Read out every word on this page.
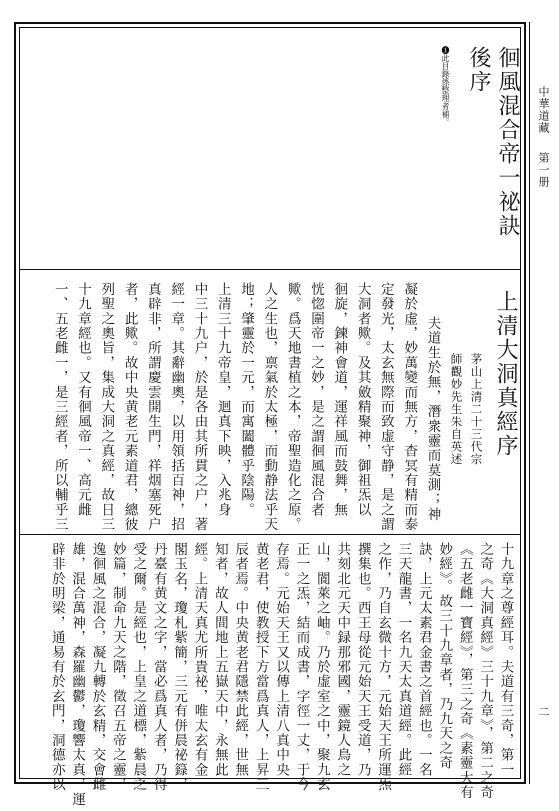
徊風混合帝一祕訣
後序
❶此目錄係整理者補。
上清大洞真經序
茅山上清二十三代宗
師觀妙先生朱自英述
夫道生於無，潛衆靈而莫測；神
凝於虚，妙萬變而無方，杳冥有精而泰
定發光，太玄無際而致虚守静，是之謂
大洞者歟。及其斂精聚神，御祖炁以
徊旋，鍊神會道，運祥風而鼓舞，無
恍惚圍帝一之妙，是之謂徊風混合者
歟。爲天地書植之本，帝聖造化之原。
人之生也，禀氣於太極，而動静法乎天
地；肇靈於一元，而寓闔體乎陰陽。
上清三十九帝皇，迴真下映，入兆身
中三十九户，於是各由其所貫之户，著
經一章。其辭幽奧，以用領括百神，招
真辟非，所謂慶雲開生門，祥烟塞死户
者，此歟。故中央黄老元素道君，總彼
列聖之奧旨，集成大洞之真經，故日三
十九章經也。又有徊風帝一、高元雌
一、五老雌一，是三經者，所以輔乎三
十九章之尊經耳。夫道有三奇，第一
之奇《大洞真經》三十九章》，第二之奇
《五老雌一寶經》，第三之奇《素靈大有
妙經》。故三十九章者，乃九天之奇
訣，上元太素君金書之首經也。一名
三天龍書，一名九天太真道經。此經
之作，乃自玄微十方，元始天王所運炁
撰集也。西王母從元始天王受道，乃
共刻北元天中録那邪國，靈鏡人鳥之
山，閬萊之岫。乃於虚室之中，聚九玄
正一之炁，結而成書，字徑一丈，于今
存焉。元始天王又以傳上清八真中央
黄老君，使教授下方當爲真人，上昇三
辰者焉。中央黄老君隱禁此經，世無
知者，故人間地上五嶽天中，永無此
經。上清天真尤所貴祕，唯太玄有金
閣玉名，瓊札紫簡，三元有併晨祕籙，
丹臺有黄文之字，當必爲真人者，乃得
受之爾。是經也，上皇之道標，紫晨之
妙篇，制命九天之階，徵召五帝之靈，
逸徊風之混合，凝九轉於玄精，交會雌
雄，混合萬神，森羅幽鬱，瓊響太真，運
辟非於明梁，通易有於玄門，洞德亦以
中華道藏
第一册
二
